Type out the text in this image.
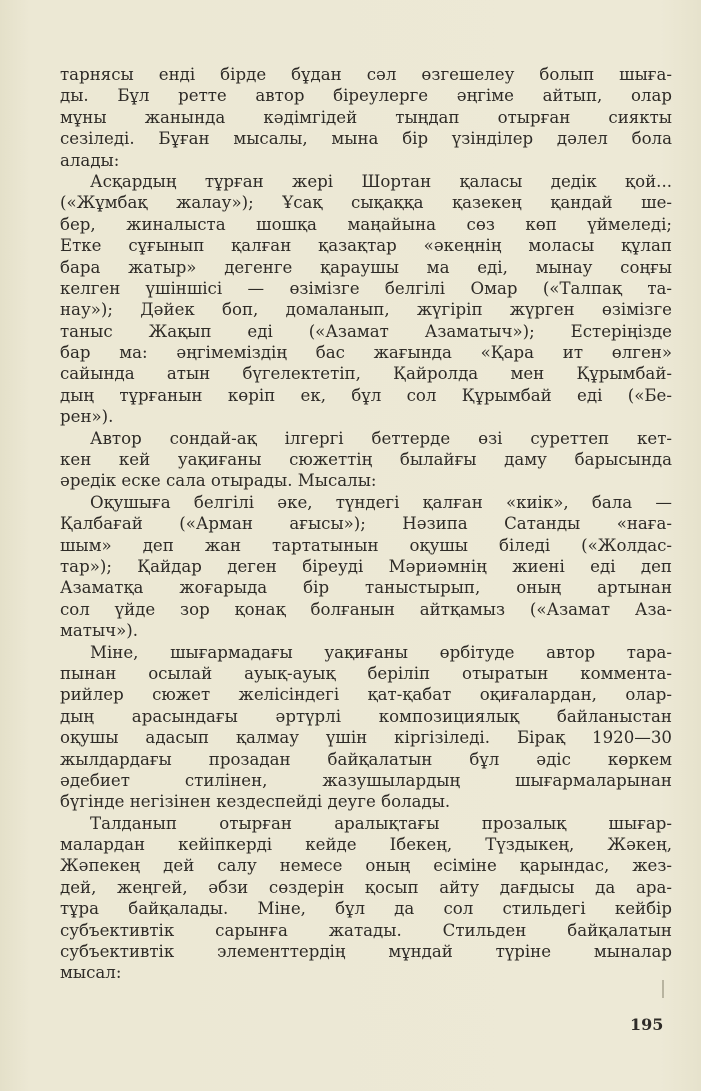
тарнясы енді бірде бұдан сәл өзгешелеу болып шыға-
ды. Бұл ретте автор біреулерге әңгіме айтып, олар
мұны жанында кәдімгідей тыңдап отырған сиякты
сезіледі. Бұған мысалы, мына бір үзінділер дәлел бола
алады:
Асқардың тұрған жері Шортан қаласы дедік қой...
(«Жұмбақ жалау»); Ұсақ сықаққа қазекең қандай ше-
бер, жиналыста шошқа маңайына сөз көп үймеледі;
Етке сұғынып қалған қазақтар «әкеңнің моласы құлап
бара жатыр» дегенге қараушы ма еді, мынау соңғы
келген үшіншісі — өзімізге белгілі Омар («Талпақ та-
нау»); Дәйек боп, домаланып, жүгіріп жүрген өзімізге
таныс Жақып еді («Азамат Азаматыч»); Естеріңізде
бар ма: әңгімеміздің бас жағында «Қара ит өлген»
сайында атын бүгелектетіп, Қайролда мен Құрымбай-
дың тұрғанын көріп ек, бұл сол Құрымбай еді («Бе-
рен»).
Автор сондай-ақ ілгергі беттерде өзі суреттеп кет-
кен кей уақиғаны сюжеттің былайғы даму барысында
әредік еске сала отырады. Мысалы:
Оқушыға белгілі әке, түндегі қалған «киік», бала —
Қалбағай («Арман ағысы»); Нәзипа Сатанды «нағa-
шым» деп жан тартатынын оқушы біледі («Жолдас-
тар»); Қайдар деген біреуді Мәриәмнің жиені еді деп
Азаматқа жоғарыда бір таныстырып, оның артынан
сол үйде зор қонақ болғанын айтқамыз («Азамат Аза-
матыч»).
Міне, шығармадағы уақиғаны өрбітуде автор тара-
пынан осылай ауық-ауық беріліп отыратын коммента-
рийлер сюжет желісіндегі қат-қабат оқиғалардан, олар-
дың арасындағы әртүрлі композициялық байланыстан
оқушы адасып қалмау үшін кіргізіледі. Бірақ 1920—30
жылдардағы прозадан байқалатын бұл әдіс көркем
әдебиет стилінен, жазушылардың шығармаларынан
бүгінде негізінен кездеспейді деуге болады.
Талданып отырған аралықтағы прозалық шығар-
малардан кейіпкерді кейде Ібекең, Түздыкең, Жәкең,
Жәпекең дей салу немесе оның есіміне қарындас, жез-
дей, жеңгей, әбзи сөздерін қосып айту дағдысы да ара-
тұра байқалады. Міне, бұл да сол стильдегі кейбір
субъективтік сарынға жатады. Стильден байқалатын
субъективтік элементтердің мұндай түріне мыналар
мысал:
195
